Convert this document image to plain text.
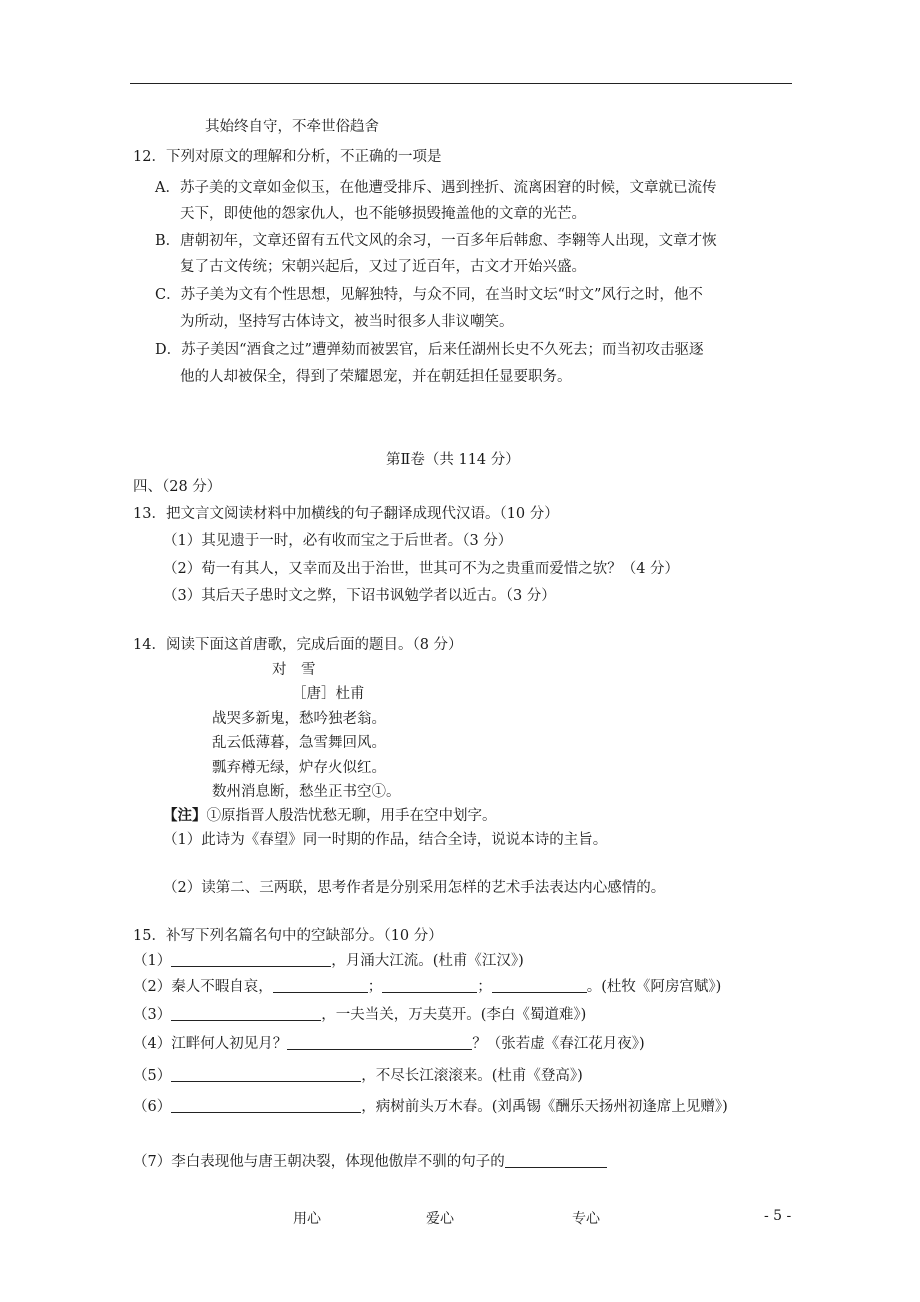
其始终自守，不牵世俗趋舍
12．下列对原文的理解和分析，不正确的一项是
A．苏子美的文章如金似玉，在他遭受排斥、遇到挫折、流离困窘的时候，文章就已流传
天下，即使他的怨家仇人，也不能够损毁掩盖他的文章的光芒。
B．唐朝初年，文章还留有五代文风的余习，一百多年后韩愈、李翱等人出现，文章才恢
复了古文传统；宋朝兴起后，又过了近百年，古文才开始兴盛。
C．苏子美为文有个性思想，见解独特，与众不同，在当时文坛“时文”风行之时，他不
为所动，坚持写古体诗文，被当时很多人非议嘲笑。
D．苏子美因“酒食之过”遭弹劾而被罢官，后来任湖州长史不久死去；而当初攻击驱逐
他的人却被保全，得到了荣耀恩宠，并在朝廷担任显要职务。
第Ⅱ卷（共 114 分）
四、（28 分）
13．把文言文阅读材料中加横线的句子翻译成现代汉语。（10 分）
（1）其见遗于一时，必有收而宝之于后世者。（3 分）
（2）荀一有其人，又幸而及出于治世，世其可不为之贵重而爱惜之欤？（4 分）
（3）其后天子患时文之弊，下诏书讽勉学者以近古。（3 分）
14．阅读下面这首唐歌，完成后面的题目。（8 分）
对　雪
［唐］杜甫
战哭多新鬼，愁吟独老翁。
乱云低薄暮，急雪舞回风。
瓢弃樽无绿，炉存火似红。
数州消息断，愁坐正书空①。
【注】①原指晋人殷浩忧愁无聊，用手在空中划字。
（1）此诗为《春望》同一时期的作品，结合全诗，说说本诗的主旨。
（2）读第二、三两联，思考作者是分别采用怎样的艺术手法表达内心感情的。
15．补写下列名篇名句中的空缺部分。（10 分）
（1）	，月涌大江流。(杜甫《江汉》)
（2）秦人不暇自哀，	；	；	。(杜牧《阿房宫赋》)
（3）	，一夫当关，万夫莫开。(李白《蜀道难》)
（4）江畔何人初见月？	？（张若虚《春江花月夜》)
（5）	，不尽长江滚滚来。(杜甫《登高》)
（6）	，病树前头万木春。(刘禹锡《酬乐天扬州初逢席上见赠》)
（7）李白表现他与唐王朝决裂，体现他傲岸不驯的句子的
用心	爱心	专心	- 5 -
